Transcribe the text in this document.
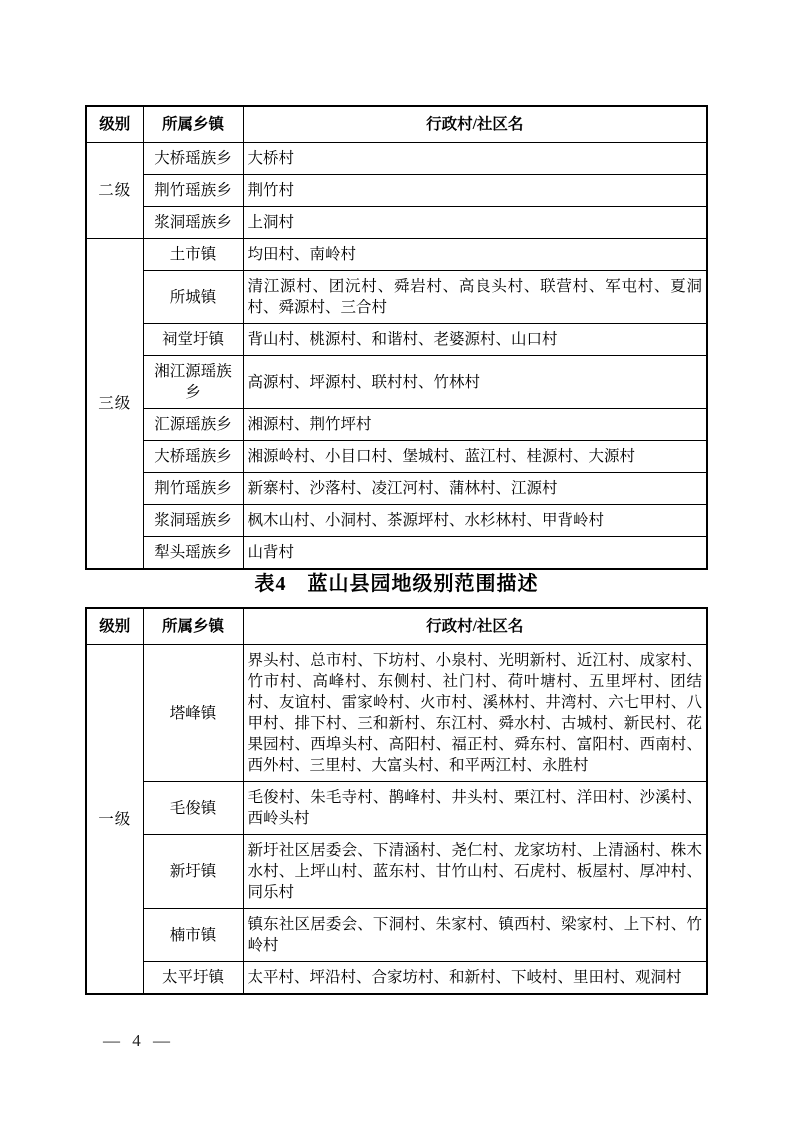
级别	所属乡镇	行政村/社区名
二级	大桥瑶族乡	大桥村
	荆竹瑶族乡	荆竹村
	浆洞瑶族乡	上洞村
三级	土市镇	均田村、南岭村
	所城镇	清江源村、团沅村、舜岩村、高良头村、联营村、军屯村、夏洞村、舜源村、三合村
	祠堂圩镇	背山村、桃源村、和谐村、老婆源村、山口村
	湘江源瑶族乡	高源村、坪源村、联村村、竹林村
	汇源瑶族乡	湘源村、荆竹坪村
	大桥瑶族乡	湘源岭村、小目口村、堡城村、蓝江村、桂源村、大源村
	荆竹瑶族乡	新寨村、沙落村、凌江河村、蒲林村、江源村
	浆洞瑶族乡	枫木山村、小洞村、茶源坪村、水杉林村、甲背岭村
	犁头瑶族乡	山背村
表4　蓝山县园地级别范围描述
级别	所属乡镇	行政村/社区名
一级	塔峰镇	界头村、总市村、下坊村、小泉村、光明新村、近江村、成家村、竹市村、高峰村、东侧村、社门村、荷叶塘村、五里坪村、团结村、友谊村、雷家岭村、火市村、溪林村、井湾村、六七甲村、八甲村、排下村、三和新村、东江村、舜水村、古城村、新民村、花果园村、西埠头村、高阳村、福正村、舜东村、富阳村、西南村、西外村、三里村、大富头村、和平两江村、永胜村
	毛俊镇	毛俊村、朱毛寺村、鹊峰村、井头村、栗江村、洋田村、沙溪村、西岭头村
	新圩镇	新圩社区居委会、下清涵村、尧仁村、龙家坊村、上清涵村、株木水村、上坪山村、蓝东村、甘竹山村、石虎村、板屋村、厚冲村、同乐村
	楠市镇	镇东社区居委会、下洞村、朱家村、镇西村、梁家村、上下村、竹岭村
	太平圩镇	太平村、坪沿村、合家坊村、和新村、下岐村、里田村、观洞村
— 4 —
